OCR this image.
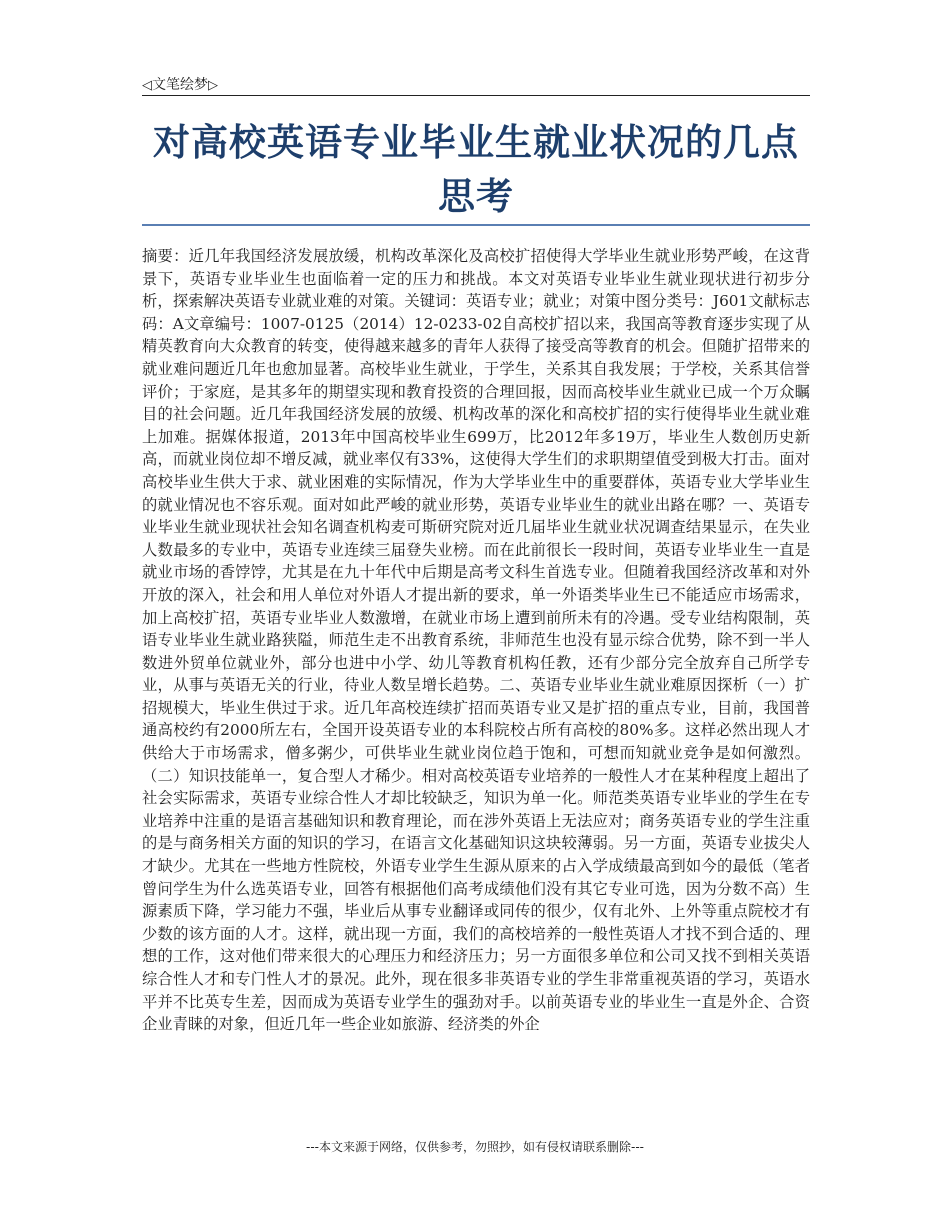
◁文笔绘梦▷
对高校英语专业毕业生就业状况的几点思考

摘要：近几年我国经济发展放缓，机构改革深化及高校扩招使得大学毕业生就业形势严峻，在这背景下，英语专业毕业生也面临着一定的压力和挑战。本文对英语专业毕业生就业现状进行初步分析，探索解决英语专业就业难的对策。关键词：英语专业；就业；对策中图分类号：J601文献标志码：A文章编号：1007-0125（2014）12-0233-02自高校扩招以来，我国高等教育逐步实现了从精英教育向大众教育的转变，使得越来越多的青年人获得了接受高等教育的机会。但随扩招带来的就业难问题近几年也愈加显著。高校毕业生就业，于学生，关系其自我发展；于学校，关系其信誉评价；于家庭，是其多年的期望实现和教育投资的合理回报，因而高校毕业生就业已成一个万众瞩目的社会问题。近几年我国经济发展的放缓、机构改革的深化和高校扩招的实行使得毕业生就业难上加难。据媒体报道，2013年中国高校毕业生699万，比2012年多19万，毕业生人数创历史新高，而就业岗位却不增反减，就业率仅有33%，这使得大学生们的求职期望值受到极大打击。面对高校毕业生供大于求、就业困难的实际情况，作为大学毕业生中的重要群体，英语专业大学毕业生的就业情况也不容乐观。面对如此严峻的就业形势，英语专业毕业生的就业出路在哪？一、英语专业毕业生就业现状社会知名调查机构麦可斯研究院对近几届毕业生就业状况调查结果显示，在失业人数最多的专业中，英语专业连续三届登失业榜。而在此前很长一段时间，英语专业毕业生一直是就业市场的香饽饽，尤其是在九十年代中后期是高考文科生首选专业。但随着我国经济改革和对外开放的深入，社会和用人单位对外语人才提出新的要求，单一外语类毕业生已不能适应市场需求，加上高校扩招，英语专业毕业人数激增，在就业市场上遭到前所未有的冷遇。受专业结构限制，英语专业毕业生就业路狭隘，师范生走不出教育系统，非师范生也没有显示综合优势，除不到一半人数进外贸单位就业外，部分也进中小学、幼儿等教育机构任教，还有少部分完全放弃自己所学专业，从事与英语无关的行业，待业人数呈增长趋势。二、英语专业毕业生就业难原因探析（一）扩招规模大，毕业生供过于求。近几年高校连续扩招而英语专业又是扩招的重点专业，目前，我国普通高校约有2000所左右，全国开设英语专业的本科院校占所有高校的80%多。这样必然出现人才供给大于市场需求，僧多粥少，可供毕业生就业岗位趋于饱和，可想而知就业竞争是如何激烈。（二）知识技能单一，复合型人才稀少。相对高校英语专业培养的一般性人才在某种程度上超出了社会实际需求，英语专业综合性人才却比较缺乏，知识为单一化。师范类英语专业毕业的学生在专业培养中注重的是语言基础知识和教育理论，而在涉外英语上无法应对；商务英语专业的学生注重的是与商务相关方面的知识的学习，在语言文化基础知识这块较薄弱。另一方面，英语专业拔尖人才缺少。尤其在一些地方性院校，外语专业学生生源从原来的占入学成绩最高到如今的最低（笔者曾问学生为什么选英语专业，回答有根据他们高考成绩他们没有其它专业可选，因为分数不高）生源素质下降，学习能力不强，毕业后从事专业翻译或同传的很少，仅有北外、上外等重点院校才有少数的该方面的人才。这样，就出现一方面，我们的高校培养的一般性英语人才找不到合适的、理想的工作，这对他们带来很大的心理压力和经济压力；另一方面很多单位和公司又找不到相关英语综合性人才和专门性人才的景况。此外，现在很多非英语专业的学生非常重视英语的学习，英语水平并不比英专生差，因而成为英语专业学生的强劲对手。以前英语专业的毕业生一直是外企、合资企业青睐的对象，但近几年一些企业如旅游、经济类的外企

---本文来源于网络，仅供参考，勿照抄，如有侵权请联系删除---
